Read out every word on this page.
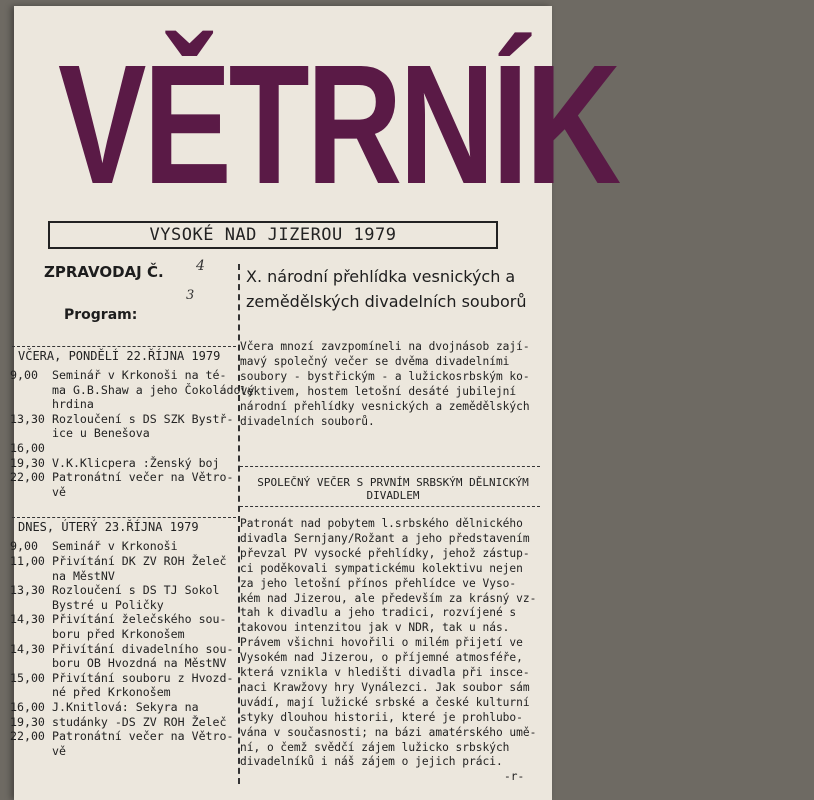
VĚTRNÍK
VYSOKÉ NAD JIZEROU 1979
ZPRAVODAJ Č. 4
3
Program:
VČERA, PONDĚLÍ 22.ŘÍJNA 1979
9,00 Seminář v Krkonoši na té-
ma G.B.Shaw a jeho Čokoládový
hrdina
13,30 Rozloučení s DS SZK Bystř-
ice u Benešova
16,00
19,30 V.K.Klicpera :Ženský boj
22,00 Patronátní večer na Větro-
vě
DNES, ÚTERÝ 23.ŘÍJNA 1979
9,00 Seminář v Krkonoši
11,00 Přivítání DK ZV ROH Želeč
na MěstNV
13,30 Rozloučení s DS TJ Sokol
Bystré u Poličky
14,30 Přivítání želečského sou-
boru před Krkonošem
14,30 Přivítání divadelního sou-
boru OB Hvozdná na MěstNV
15,00 Přivítání souboru z Hvozd-
né před Krkonošem
16,00 J.Knitlová: Sekyra na
19,30 studánky -DS ZV ROH Želeč
22,00 Patronátní večer na Větro-
vě
X. národní přehlídka vesnických a zemědělských divadelních souborů
Včera mnozí zavzpomíneli na dvojnásob zají-
mavý společný večer se dvěma divadelními
soubory - bystřickým - a lužickosrbským ko-
lektivem, hostem letošní desáté jubilejní
národní přehlídky vesnických a zemědělských
divadelních souborů.
SPOLEČNÝ VEČER S PRVNÍM SRBSKÝM DĚLNICKÝM DIVADLEM
Patronát nad pobytem l.srbského dělnického
divadla Sernjany/Rožant a jeho představením
převzal PV vysocké přehlídky, jehož zástup-
ci poděkovali sympatickému kolektivu nejen
za jeho letošní přínos přehlídce ve Vyso-
kém nad Jizerou, ale především za krásný vz-
tah k divadlu a jeho tradici, rozvíjené s
takovou intenzitou jak v NDR, tak u nás.
Právem všichni hovořili o milém přijetí ve
Vysokém nad Jizerou, o příjemné atmosféře,
která vznikla v hledišti divadla při insce-
naci Krawžovy hry Vynálezci. Jak soubor sám
uvádí, mají lužické srbské a české kulturní
styky dlouhou historii, které je prohlubo-
vána v současnosti; na bázi amatérského umě-
ní, o čemž svědčí zájem lužicko srbských
divadelníků i náš zájem o jejich práci.
-r-
